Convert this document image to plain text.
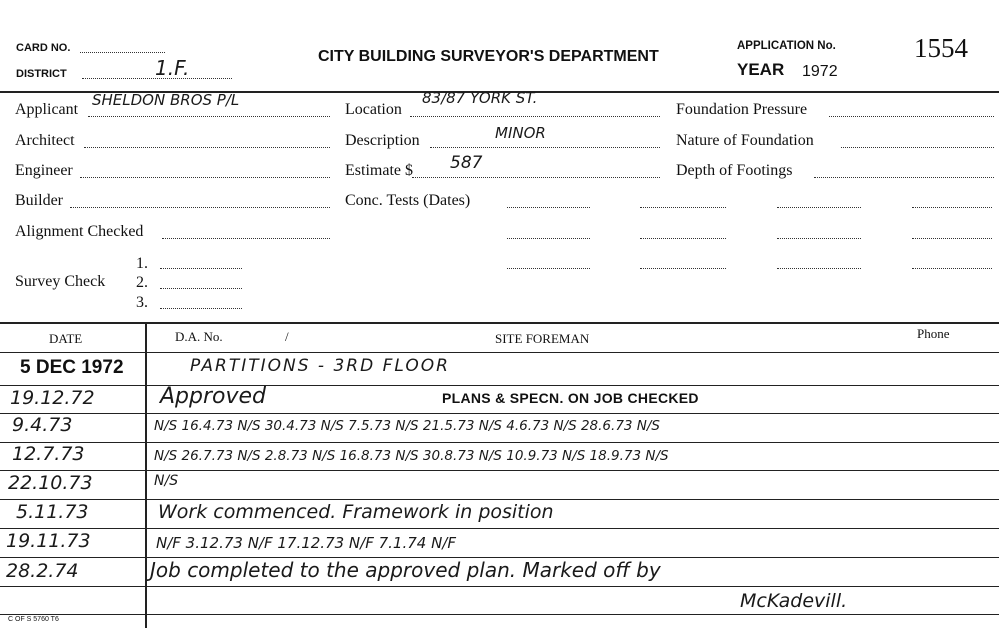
CARD NO.
DISTRICT	1.F.	CITY BUILDING SURVEYOR'S DEPARTMENT
APPLICATION No.	1554
YEAR 1972
Applicant
SHELDON BROS P/L
Architect
Engineer
Builder
Alignment Checked
Survey Check
1.
2.
3.
Location
83/87 YORK ST.
Description	MINOR
Estimate $ 587
Conc. Tests (Dates)
Foundation Pressure
Nature of Foundation
Depth of Footings
DATE	D.A. No.	/	SITE FOREMAN	Phone
5 DEC 1972	PARTITIONS - 3RD FLOOR
19.12.72	Approved	PLANS & SPECN. ON JOB CHECKED
9.4.73	N/S 16.4.73 N/S 30.4.73 N/S 7.5.73 N/S 21.5.73 N/S 4.6.73 N/S 28.6.73 N/S
12.7.73	N/S 26.7.73 N/S 2.8.73 N/S 16.8.73 N/S 30.8.73 N/S 10.9.73 N/S 18.9.73 N/S
22.10.73	N/S
5.11.73	Work commenced. Framework in position
19.11.73	N/F 3.12.73 N/F 17.12.73 N/F 7.1.74 N/F
28.2.74	Job completed to the approved plan. Marked off by
McKadevill.
C OF S 5760 T6
